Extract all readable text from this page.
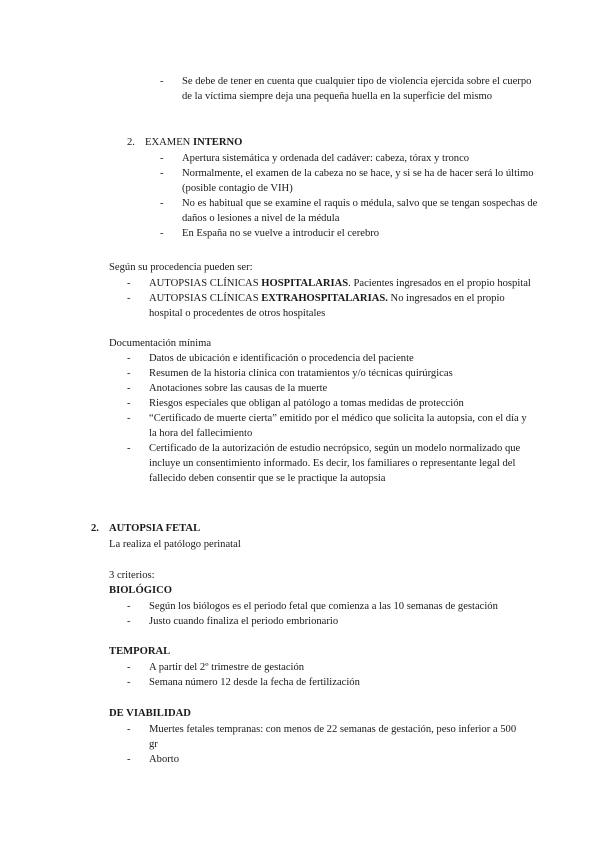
- Se debe de tener en cuenta que cualquier tipo de violencia ejercida sobre el cuerpo de la víctima siempre deja una pequeña huella en la superficie del mismo
2. EXAMEN INTERNO
- Apertura sistemática y ordenada del cadáver: cabeza, tórax y tronco
- Normalmente, el examen de la cabeza no se hace, y si se ha de hacer será lo último (posible contagio de VIH)
- No es habitual que se examine el raquis o médula, salvo que se tengan sospechas de daños o lesiones a nivel de la médula
- En España no se vuelve a introducir el cerebro
Según su procedencia pueden ser:
- AUTOPSIAS CLÍNICAS HOSPITALARIAS. Pacientes ingresados en el propio hospital
- AUTOPSIAS CLÍNICAS EXTRAHOSPITALARIAS. No ingresados en el propio hospital o procedentes de otros hospitales
Documentación mínima
- Datos de ubicación e identificación o procedencia del paciente
- Resumen de la historia clínica con tratamientos y/o técnicas quirúrgicas
- Anotaciones sobre las causas de la muerte
- Riesgos especiales que obligan al patólogo a tomas medidas de protección
- “Certificado de muerte cierta” emitido por el médico que solicita la autopsia, con el día y la hora del fallecimiento
- Certificado de la autorización de estudio necrópsico, según un modelo normalizado que incluye un consentimiento informado. Es decir, los familiares o representante legal del fallecido deben consentir que se le practique la autopsia
2. AUTOPSIA FETAL
La realiza el patólogo perinatal
3 criterios:
BIOLÓGICO
- Según los biólogos es el periodo fetal que comienza a las 10 semanas de gestación
- Justo cuando finaliza el periodo embrionario
TEMPORAL
- A partir del 2º trimestre de gestación
- Semana número 12 desde la fecha de fertilización
DE VIABILIDAD
- Muertes fetales tempranas: con menos de 22 semanas de gestación, peso inferior a 500 gr
- Aborto
